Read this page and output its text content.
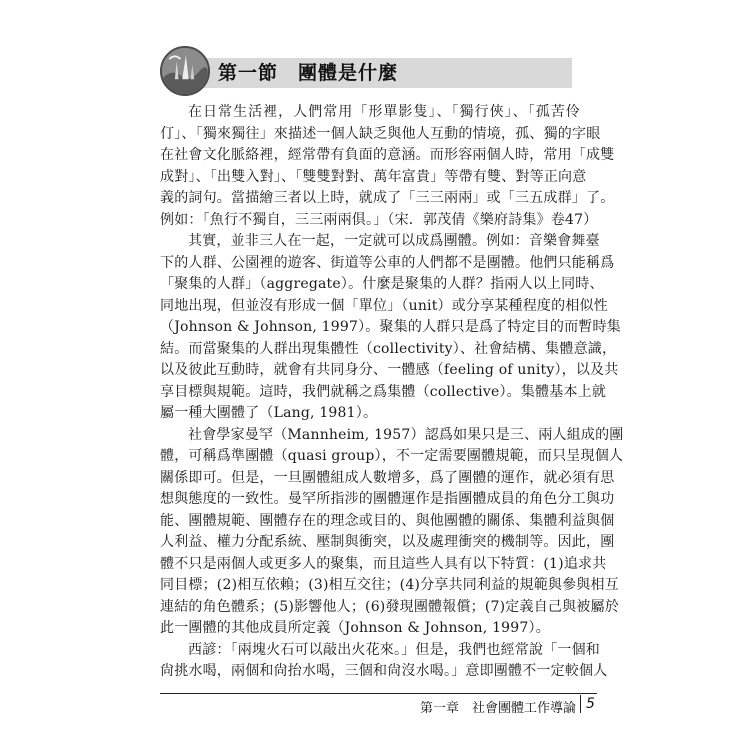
第一節　團體是什麼
在日常生活裡，人們常用「形單影隻」、「獨行俠」、「孤苦伶
仃」、「獨來獨往」來描述一個人缺乏與他人互動的情境，孤、獨的字眼
在社會文化脈絡裡，經常帶有負面的意涵。而形容兩個人時，常用「成雙
成對」、「出雙入對」、「雙雙對對、萬年富貴」等帶有雙、對等正向意
義的詞句。當描繪三者以上時，就成了「三三兩兩」或「三五成群」了。
例如：「魚行不獨自，三三兩兩俱。」（宋．郭茂倩《樂府詩集》卷47）
其實，並非三人在一起，一定就可以成爲團體。例如：音樂會舞臺
下的人群、公園裡的遊客、街道等公車的人們都不是團體。他們只能稱爲
「聚集的人群」（aggregate）。什麼是聚集的人群？指兩人以上同時、
同地出現，但並沒有形成一個「單位」（unit）或分享某種程度的相似性
（Johnson & Johnson, 1997）。聚集的人群只是爲了特定目的而暫時集
結。而當聚集的人群出現集體性（collectivity）、社會結構、集體意識，
以及彼此互動時，就會有共同身分、一體感（feeling of unity），以及共
享目標與規範。這時，我們就稱之爲集體（collective）。集體基本上就
屬一種大團體了（Lang, 1981）。
社會學家曼罕（Mannheim, 1957）認爲如果只是三、兩人組成的團
體，可稱爲準團體（quasi group），不一定需要團體規範，而只呈現個人
關係即可。但是，一旦團體組成人數增多，爲了團體的運作，就必須有思
想與態度的一致性。曼罕所指涉的團體運作是指團體成員的角色分工與功
能、團體規範、團體存在的理念或目的、與他團體的關係、集體利益與個
人利益、權力分配系統、壓制與衝突，以及處理衝突的機制等。因此，團
體不只是兩個人或更多人的聚集，而且這些人具有以下特質：(1)追求共
同目標；(2)相互依賴；(3)相互交往；(4)分享共同利益的規範與參與相互
連結的角色體系；(5)影響他人；(6)發現團體報償；(7)定義自己與被屬於
此一團體的其他成員所定義（Johnson & Johnson, 1997）。
西諺：「兩塊火石可以敲出火花來。」但是，我們也經常說「一個和
尙挑水喝，兩個和尙抬水喝，三個和尙沒水喝。」意即團體不一定較個人
第一章　社會團體工作導論 5
